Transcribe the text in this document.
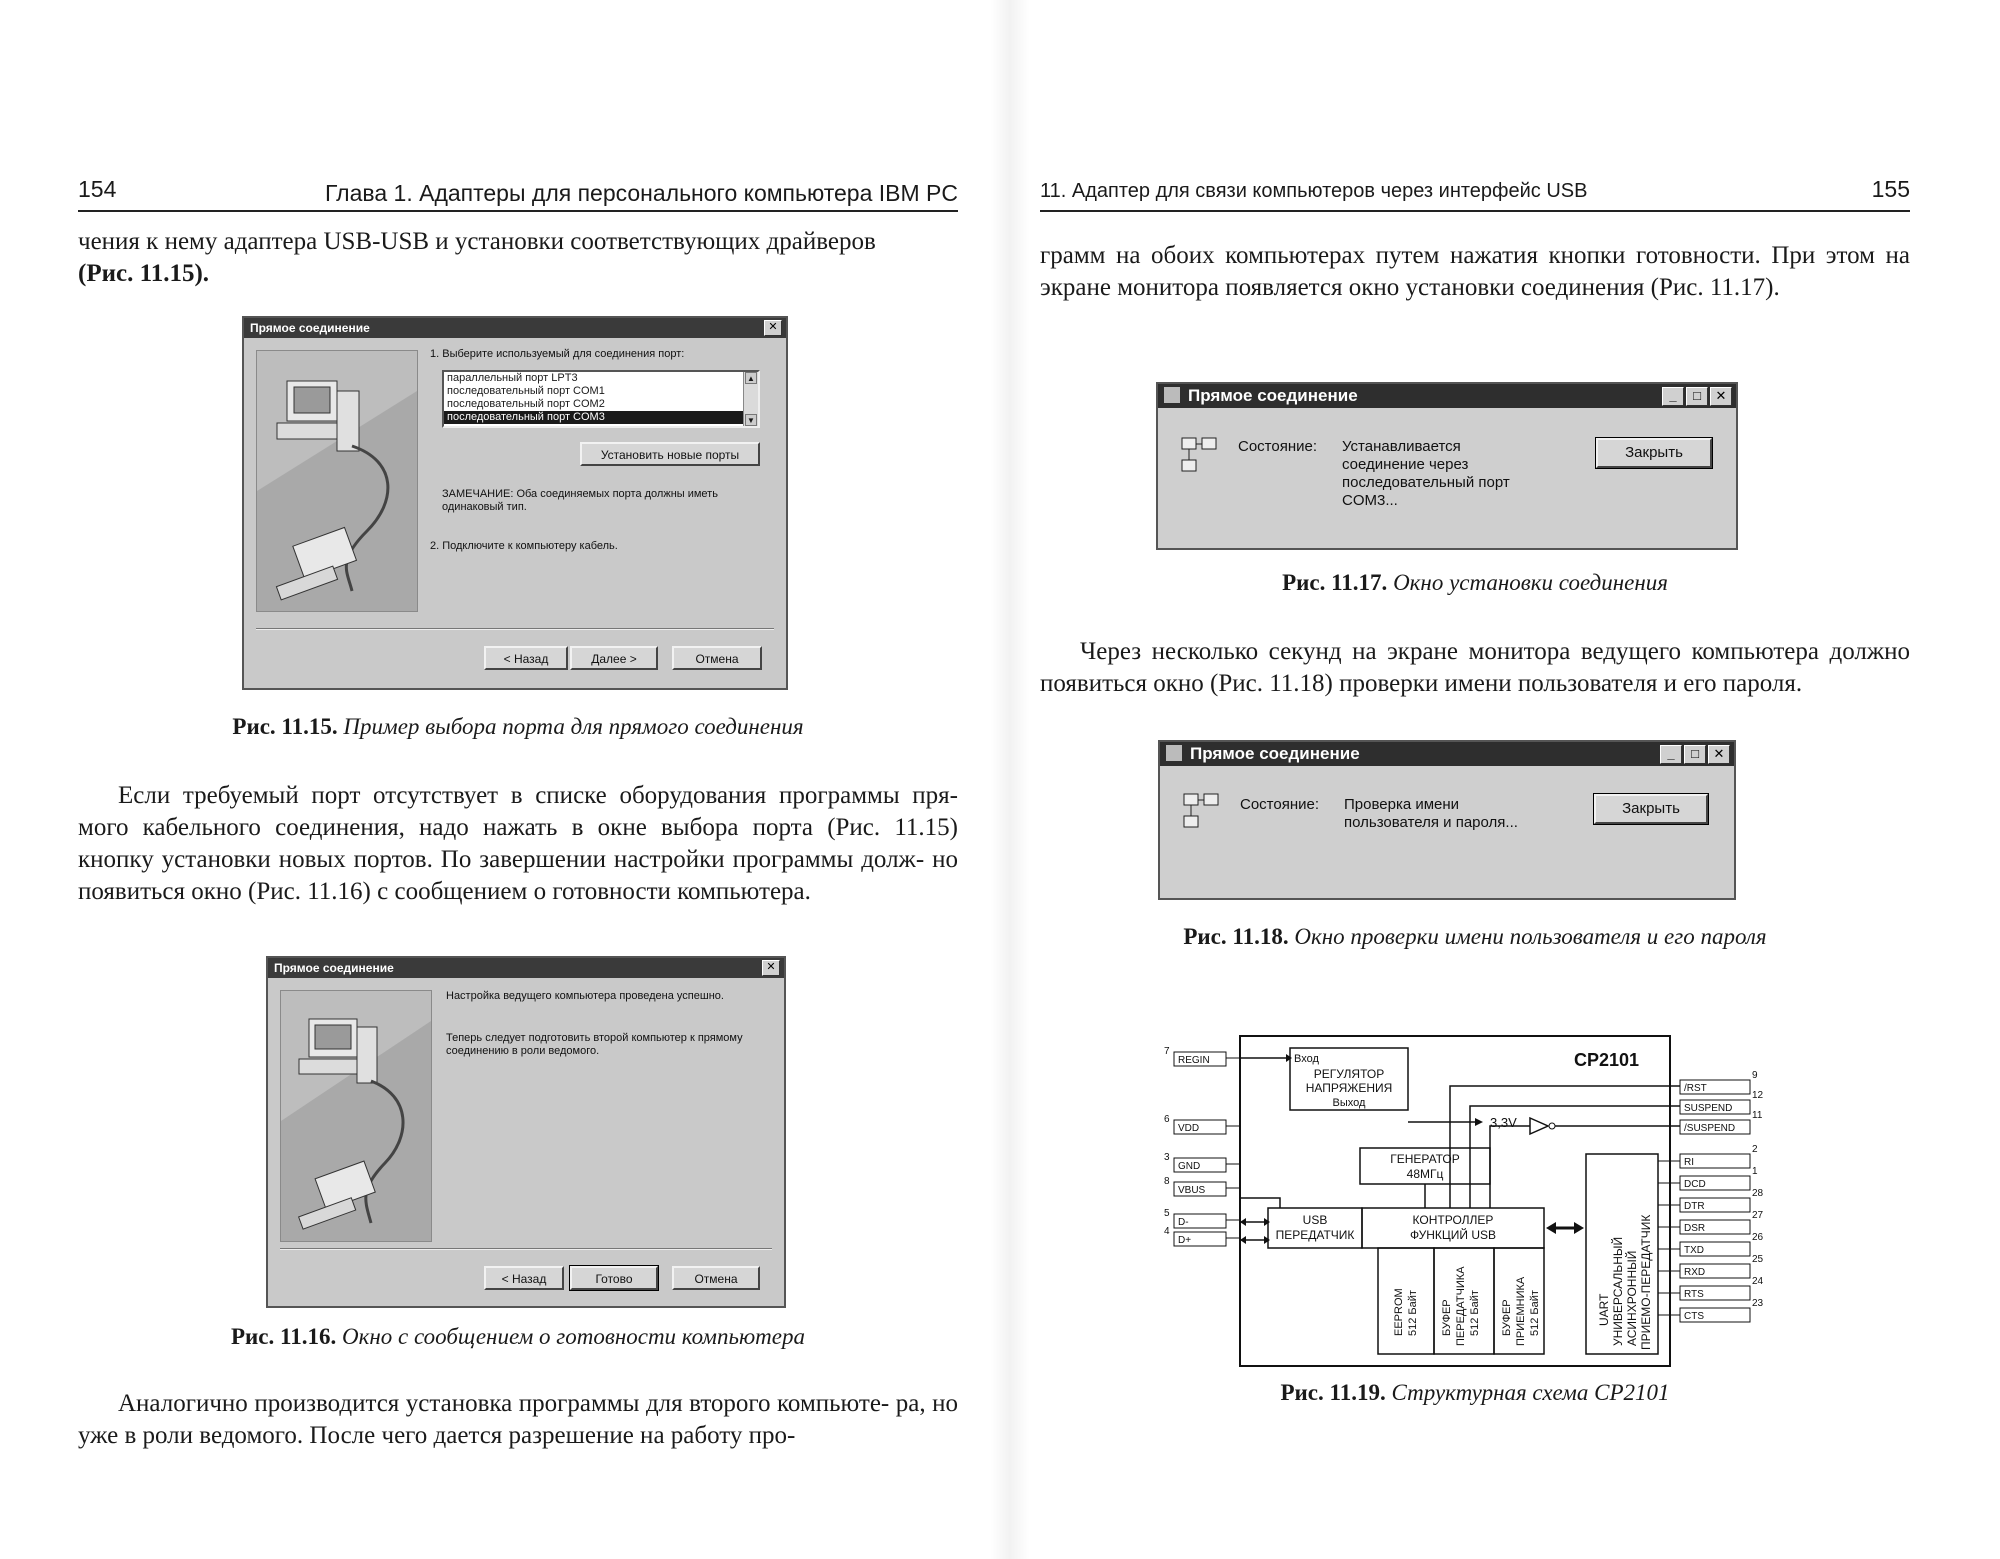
154	Глава 1. Адаптеры для персонального компьютера IBM PC

чения к нему адаптера USB-USB и установки соответствующих драйверов
(Рис. 11.15).

Прямое соединение	✕
1. Выберите используемый для соединения порт:
параллельный порт LPT3
последовательный порт COM1
последовательный порт COM2
последовательный порт COM3
▲
▼
Установить новые порты
ЗАМЕЧАНИЕ: Оба соединяемых порта должны иметь одинаковый тип.
2. Подключите к компьютеру кабель.
< Назад	Далее >	Отмена
Рис. 11.15. Пример выбора порта для прямого соединения

Если требуемый порт отсутствует в списке оборудования программы пря- мого кабельного соединения, надо нажать в окне выбора порта (Рис. 11.15) кнопку установки новых портов. По завершении настройки программы долж- но появиться окно (Рис. 11.16) с сообщением о готовности компьютера.

Прямое соединение	✕
Настройка ведущего компьютера проведена успешно.
Теперь следует подготовить второй компьютер к прямому соединению в роли ведомого.
< Назад	Готово	Отмена
Рис. 11.16. Окно с сообщением о готовности компьютера

Аналогично производится установка программы для второго компьюте- ра, но уже в роли ведомого. После чего дается разрешение на работу про-

11. Адаптер для связи компьютеров через интерфейс USB	155

грамм на обоих компьютерах путем нажатия кнопки готовности. При этом на экране монитора появляется окно установки соединения (Рис. 11.17).

Прямое соединение	_	□	✕
Состояние: Устанавливается
соединение через
последовательный порт
COM3...
Закрыть
Рис. 11.17. Окно установки соединения

Через несколько секунд на экране монитора ведущего компьютера должно появиться окно (Рис. 11.18) проверки имени пользователя и его пароля.

Прямое соединение	_	□	✕
Состояние: Проверка имени
пользователя и пароля...
Закрыть
Рис. 11.18. Окно проверки имени пользователя и его пароля
CP2101
Вход
РЕГУЛЯТОР
НАПРЯЖЕНИЯ
Выход
3,3V
ГЕНЕРАТОР
48МГц
USB
ПЕРЕДАТЧИК
КОНТРОЛЛЕР
ФУНКЦИЙ USB
EEPROM 512 Байт БУФЕР ПЕРЕДАТЧИКА 512 Байт БУФЕР ПРИЕМНИКА 512 Байт	UART УНИВЕРСАЛЬНЫЙ АСИНХРОННЫЙ ПРИЕМО-ПЕРЕДАТЧИК
7
REGIN
6
VDD
3
GND
8
VBUS
5
D-
4
D+
/RST
9
SUSPEND
12
/SUSPEND
11
RI
2
DCD
1
DTR
28
DSR
27
TXD
26
RXD
25
RTS
24
CTS
23
Рис. 11.19. Структурная схема CP2101
